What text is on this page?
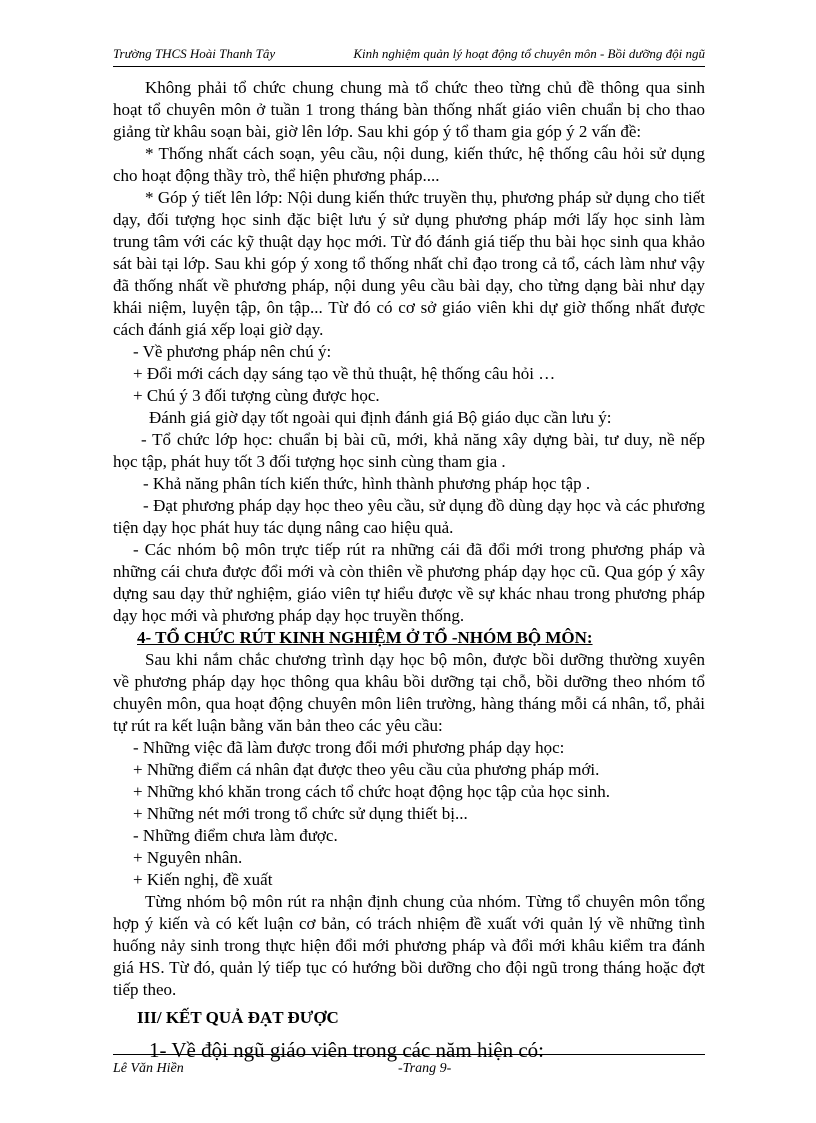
Trường THCS Hoài Thanh Tây	Kinh nghiệm quản lý hoạt động tổ chuyên môn - Bồi dưỡng đội ngũ

Không phải tổ chức chung chung mà tổ chức theo từng chủ đề thông qua sinh hoạt tổ chuyên môn ở tuần 1 trong tháng bàn thống nhất giáo viên chuẩn bị cho thao giảng từ khâu soạn bài, giờ lên lớp. Sau khi góp ý tổ tham gia góp ý 2 vấn đề:

* Thống nhất cách soạn, yêu cầu, nội dung, kiến thức, hệ thống câu hỏi sử dụng cho hoạt động thầy trò, thể hiện phương pháp....

* Góp ý tiết lên lớp: Nội dung kiến thức truyền thụ, phương pháp sử dụng cho tiết dạy, đối tượng học sinh đặc biệt lưu ý sử dụng phương pháp mới lấy học sinh làm trung tâm với các kỹ thuật dạy học mới. Từ đó đánh giá tiếp thu bài học sinh qua khảo sát bài tại lớp. Sau khi góp ý xong tổ thống nhất chỉ đạo trong cả tổ, cách làm như vậy đã thống nhất về phương pháp, nội dung yêu cầu bài dạy, cho từng dạng bài như dạy khái niệm, luyện tập, ôn tập... Từ đó có cơ sở giáo viên khi dự giờ thống nhất được cách đánh giá xếp loại giờ dạy.

- Về phương pháp nên chú ý:

+ Đổi mới cách dạy sáng tạo về thủ thuật, hệ thống câu hỏi …

+ Chú ý 3 đối tượng cùng được học.

Đánh giá giờ dạy tốt ngoài qui định đánh giá Bộ giáo dục cần lưu ý:

- Tổ chức lớp học: chuẩn bị bài cũ, mới, khả năng xây dựng bài, tư duy, nề nếp học tập, phát huy tốt 3 đối tượng học sinh cùng tham gia .

- Khả năng phân tích kiến thức, hình thành phương pháp học tập .

- Đạt phương pháp dạy học theo yêu cầu, sử dụng đồ dùng dạy học và các phương tiện dạy học phát huy tác dụng nâng cao hiệu quả.

- Các nhóm bộ môn trực tiếp rút ra những cái đã đổi mới trong phương pháp và những cái chưa được đổi mới và còn thiên về phương pháp dạy học cũ. Qua góp ý xây dựng sau dạy thử nghiệm, giáo viên tự hiểu được về sự khác nhau trong phương pháp dạy học mới và phương pháp dạy học truyền thống.

4- TỔ CHỨC RÚT KINH NGHIỆM Ở TỔ -NHÓM BỘ MÔN:

Sau khi nắm chắc chương trình dạy học bộ môn, được bồi dưỡng thường xuyên về phương pháp dạy học thông qua khâu bồi dưỡng tại chỗ, bồi dưỡng theo nhóm tổ chuyên môn, qua hoạt động chuyên môn liên trường, hàng tháng mỗi cá nhân, tổ, phải tự rút ra kết luận bằng văn bản theo các yêu cầu:

- Những việc đã làm được trong đổi mới phương pháp dạy học:

+ Những điểm cá nhân đạt được theo yêu cầu của phương pháp mới.

+ Những khó khăn trong cách tổ chức hoạt động học tập của học sinh.

+ Những nét mới trong tổ chức sử dụng thiết bị...

- Những điểm chưa làm được.

+ Nguyên nhân.

+ Kiến nghị, đề xuất

Từng nhóm bộ môn rút ra nhận định chung của nhóm. Từng tổ chuyên môn tổng hợp ý kiến và có kết luận cơ bản, có trách nhiệm đề xuất với quản lý về những tình huống nảy sinh trong thực hiện đổi mới phương pháp và đổi mới khâu kiểm tra đánh giá HS. Từ đó, quản lý tiếp tục có hướng bồi dưỡng cho đội ngũ trong tháng hoặc đợt tiếp theo.

III/ KẾT QUẢ ĐẠT ĐƯỢC

1- Về đội ngũ giáo viên trong các năm hiện có:

Lê Văn Hiền	-Trang 9-
